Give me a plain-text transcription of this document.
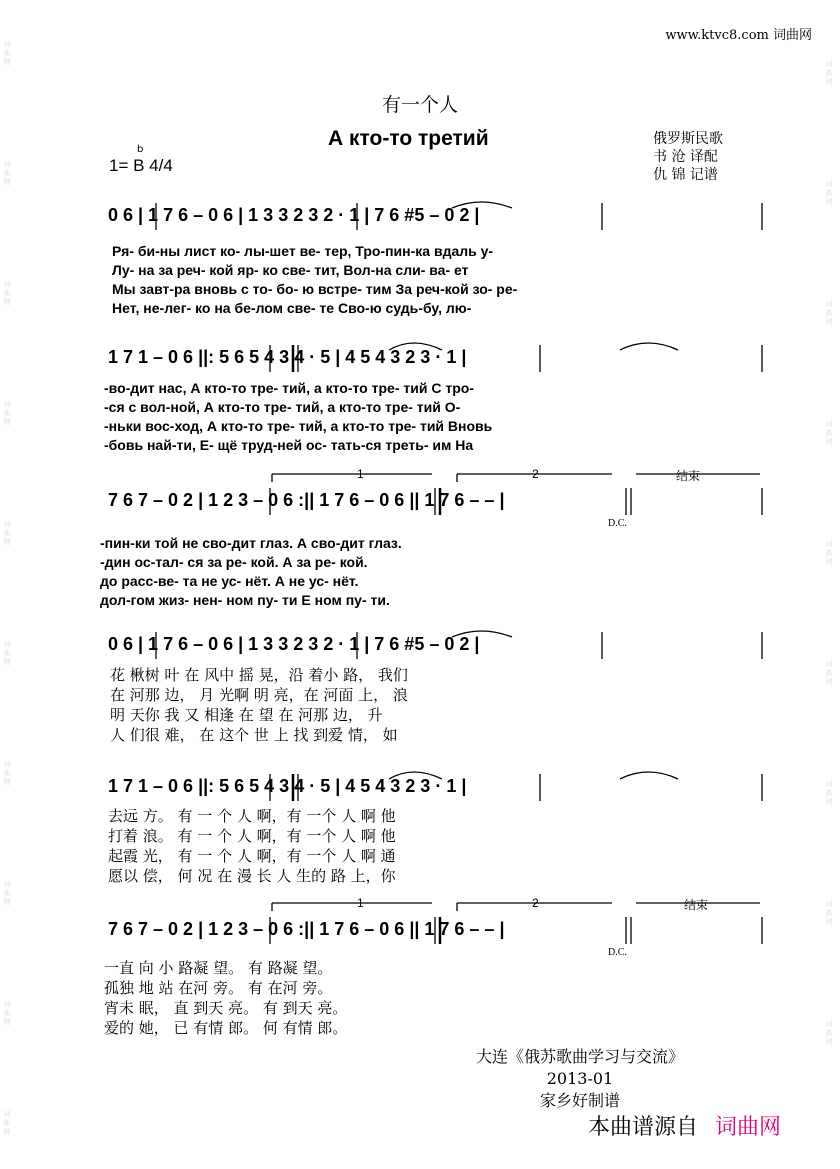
词曲网
词曲网
词曲网
词曲网
词曲网
词曲网
词曲网
词曲网
词曲网
词曲网
词曲网
词曲网
词曲网
词曲网
词曲网
词曲网
词曲网
词曲网
词曲网
www.ktvc8.com 词曲网
有一个人
А кто-то третий
b
1= B 4/4
俄罗斯民歌
书 沧 译配
仇 锦 记谱
0 6 | 1 7 6 – 0 6 | 1 3 3 2 3 2 · 1 | 7 6 #5 – 0 2 |
Ря- би-ны лист ко- лы-шет ве- тер, Тро-пин-ка вдаль у-
Лу- на за реч- кой яр- ко све- тит, Вол-на сли- ва- ет
Мы завт-ра вновь с то- бо- ю встре- тим За реч-кой зо- ре-
Нет, не-лег- ко на бе-лом све- те Сво-ю судь-бу, лю-
1 7 1 – 0 6 ||: 5 6 5 4 3 4 · 5 | 4 5 4 3 2 3 · 1 |
-во-дит нас, А кто-то тре- тий, а кто-то тре- тий С тро-
-ся с вол-ной, А кто-то тре- тий, а кто-то тре- тий О-
-ньки вос-ход, А кто-то тре- тий, а кто-то тре- тий Вновь
-бовь най-ти, Е- щё труд-ней ос- тать-ся треть- им На
1	2	结束
7 6 7 – 0 2 | 1 2 3 – 0 6 :|| 1 7 6 – 0 6 || 1 7 6 – – |
D.C.
-пин-ки той не сво-дит глаз. А сво-дит глаз.
-дин ос-тал- ся за ре- кой. А за ре- кой.
до расс-ве- та не ус- нёт. А не ус- нёт.
дол-гом жиз- нен- ном пу- ти Е ном пу- ти.
0 6 | 1 7 6 – 0 6 | 1 3 3 2 3 2 · 1 | 7 6 #5 – 0 2 |
花 楸树 叶 在 风中 摇 晃，沿 着小 路， 我们
在 河那 边， 月 光啊 明 亮，在 河面 上， 浪
明 天你 我 又 相逢 在 望 在 河那 边， 升
人 们很 难， 在 这个 世 上 找 到爱 情， 如
1 7 1 – 0 6 ||: 5 6 5 4 3 4 · 5 | 4 5 4 3 2 3 · 1 |
去远 方。 有 一 个 人 啊，有 一个 人 啊 他
打着 浪。 有 一 个 人 啊，有 一个 人 啊 他
起霞 光， 有 一 个 人 啊，有 一个 人 啊 通
愿以 偿， 何 况 在 漫 长 人 生的 路 上，你
1	2	结束
7 6 7 – 0 2 | 1 2 3 – 0 6 :|| 1 7 6 – 0 6 || 1 7 6 – – |
D.C.
一直 向 小 路凝 望。 有 路凝 望。
孤独 地 站 在河 旁。 有 在河 旁。
宵未 眠， 直 到天 亮。 有 到天 亮。
爱的 她， 已 有情 郎。 何 有情 郎。
大连《俄苏歌曲学习与交流》
2013-01
家乡好制谱
本曲谱源自 词曲网
